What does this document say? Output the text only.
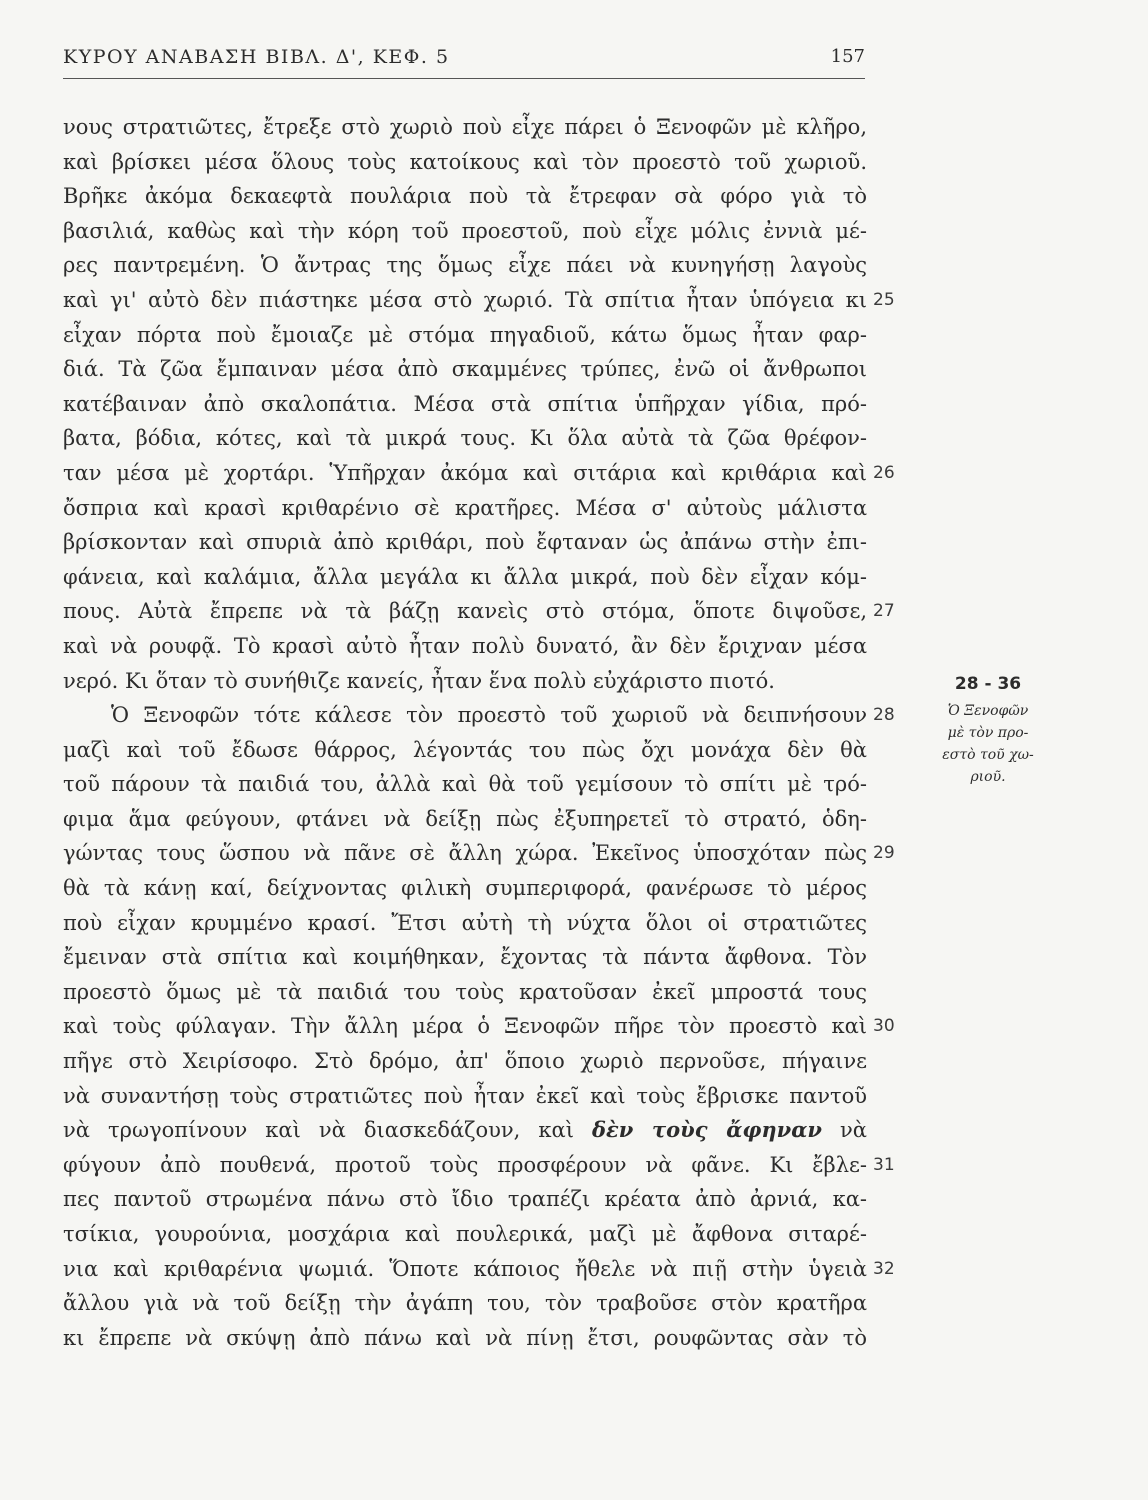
ΚΥΡΟΥ ΑΝΑΒΑΣΗ ΒΙΒΛ. Δ', ΚΕΦ. 5	157
νους στρατιῶτες, ἔτρεξε στὸ χωριὸ ποὺ εἶχε πάρει ὁ Ξενοφῶν μὲ κλῆρο,
καὶ βρίσκει μέσα ὅλους τοὺς κατοίκους καὶ τὸν προεστὸ τοῦ χωριοῦ.
Βρῆκε ἀκόμα δεκαεφτὰ πουλάρια ποὺ τὰ ἔτρεφαν σὰ φόρο γιὰ τὸ
βασιλιά, καθὼς καὶ τὴν κόρη τοῦ προεστοῦ, ποὺ εἶχε μόλις ἐννιὰ μέ-
ρες παντρεμένη. Ὁ ἄντρας της ὅμως εἶχε πάει νὰ κυνηγήσῃ λαγοὺς
καὶ γι' αὐτὸ δὲν πιάστηκε μέσα στὸ χωριό. Τὰ σπίτια ἦταν ὑπόγεια κι 25
εἶχαν πόρτα ποὺ ἔμοιαζε μὲ στόμα πηγαδιοῦ, κάτω ὅμως ἦταν φαρ-
διά. Τὰ ζῶα ἔμπαιναν μέσα ἀπὸ σκαμμένες τρύπες, ἐνῶ οἱ ἄνθρωποι
κατέβαιναν ἀπὸ σκαλοπάτια. Μέσα στὰ σπίτια ὑπῆρχαν γίδια, πρό-
βατα, βόδια, κότες, καὶ τὰ μικρά τους. Κι ὅλα αὐτὰ τὰ ζῶα θρέφον-
ταν μέσα μὲ χορτάρι. Ὑπῆρχαν ἀκόμα καὶ σιτάρια καὶ κριθάρια καὶ 26
ὄσπρια καὶ κρασὶ κριθαρένιο σὲ κρατῆρες. Μέσα σ' αὐτοὺς μάλιστα
βρίσκονταν καὶ σπυριὰ ἀπὸ κριθάρι, ποὺ ἔφταναν ὡς ἀπάνω στὴν ἐπι-
φάνεια, καὶ καλάμια, ἄλλα μεγάλα κι ἄλλα μικρά, ποὺ δὲν εἶχαν κόμ-
πους. Αὐτὰ ἔπρεπε νὰ τὰ βάζῃ κανεὶς στὸ στόμα, ὅποτε διψοῦσε, 27
καὶ νὰ ρουφᾷ. Τὸ κρασὶ αὐτὸ ἦταν πολὺ δυνατό, ἂν δὲν ἔριχναν μέσα
νερό. Κι ὅταν τὸ συνήθιζε κανείς, ἦταν ἕνα πολὺ εὐχάριστο πιοτό.
Ὁ Ξενοφῶν τότε κάλεσε τὸν προεστὸ τοῦ χωριοῦ νὰ δειπνήσουν 28
μαζὶ καὶ τοῦ ἔδωσε θάρρος, λέγοντάς του πὼς ὄχι μονάχα δὲν θὰ
τοῦ πάρουν τὰ παιδιά του, ἀλλὰ καὶ θὰ τοῦ γεμίσουν τὸ σπίτι μὲ τρό-
φιμα ἅμα φεύγουν, φτάνει νὰ δείξῃ πὼς ἐξυπηρετεῖ τὸ στρατό, ὁδη-
γώντας τους ὥσπου νὰ πᾶνε σὲ ἄλλη χώρα. Ἐκεῖνος ὑποσχόταν πὼς 29
θὰ τὰ κάνῃ καί, δείχνοντας φιλικὴ συμπεριφορά, φανέρωσε τὸ μέρος
ποὺ εἶχαν κρυμμένο κρασί. Ἔτσι αὐτὴ τὴ νύχτα ὅλοι οἱ στρατιῶτες
ἔμειναν στὰ σπίτια καὶ κοιμήθηκαν, ἔχοντας τὰ πάντα ἄφθονα. Τὸν
προεστὸ ὅμως μὲ τὰ παιδιά του τοὺς κρατοῦσαν ἐκεῖ μπροστά τους
καὶ τοὺς φύλαγαν. Τὴν ἄλλη μέρα ὁ Ξενοφῶν πῆρε τὸν προεστὸ καὶ 30
πῆγε στὸ Χειρίσοφο. Στὸ δρόμο, ἀπ' ὅποιο χωριὸ περνοῦσε, πήγαινε
νὰ συναντήσῃ τοὺς στρατιῶτες ποὺ ἦταν ἐκεῖ καὶ τοὺς ἔβρισκε παντοῦ
νὰ τρωγοπίνουν καὶ νὰ διασκεδάζουν, καὶ δὲν τοὺς ἄφηναν νὰ
φύγουν ἀπὸ πουθενά, προτοῦ τοὺς προσφέρουν νὰ φᾶνε. Κι ἔβλε- 31
πες παντοῦ στρωμένα πάνω στὸ ἴδιο τραπέζι κρέατα ἀπὸ ἀρνιά, κα-
τσίκια, γουρούνια, μοσχάρια καὶ πουλερικά, μαζὶ μὲ ἄφθονα σιταρέ-
νια καὶ κριθαρένια ψωμιά. Ὅποτε κάποιος ἤθελε νὰ πιῇ στὴν ὑγειὰ 32
ἄλλου γιὰ νὰ τοῦ δείξῃ τὴν ἀγάπη του, τὸν τραβοῦσε στὸν κρατῆρα
κι ἔπρεπε νὰ σκύψῃ ἀπὸ πάνω καὶ νὰ πίνῃ ἔτσι, ρουφῶντας σὰν τὸ
28 - 36
Ὁ Ξενοφῶν
μὲ τὸν προ-
εστὸ τοῦ χω-
ριοῦ.
